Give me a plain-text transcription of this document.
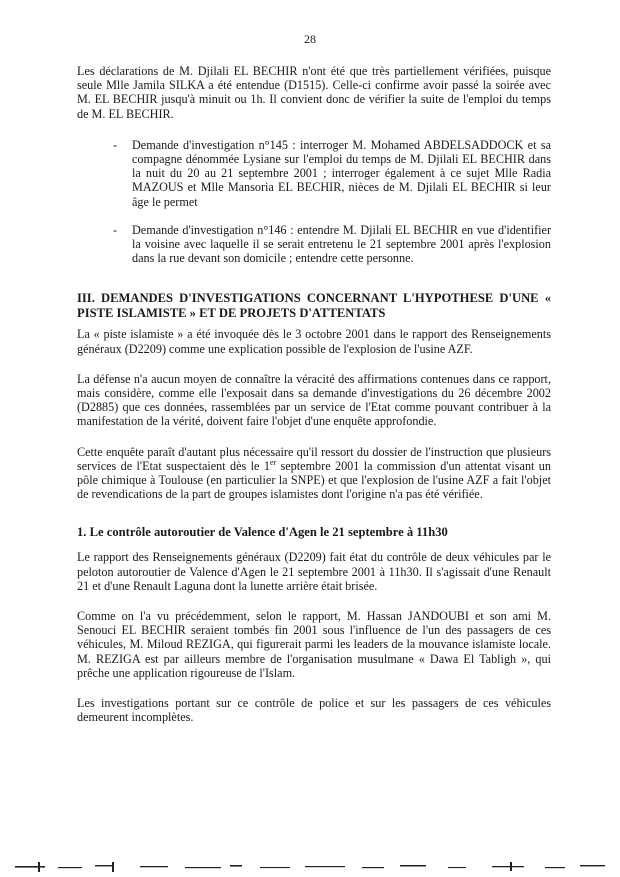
28

Les déclarations de M. Djilali EL BECHIR n'ont été que très partiellement vérifiées, puisque seule Mlle Jamila SILKA a été entendue (D1515). Celle-ci confirme avoir passé la soirée avec M. EL BECHIR jusqu'à minuit ou 1h. Il convient donc de vérifier la suite de l'emploi du temps de M. EL BECHIR.

- Demande d'investigation n°145 : interroger M. Mohamed ABDELSADDOCK et sa compagne dénommée Lysiane sur l'emploi du temps de M. Djilali EL BECHIR dans la nuit du 20 au 21 septembre 2001 ; interroger également à ce sujet Mlle Radia MAZOUS et Mlle Mansoria EL BECHIR, nièces de M. Djilali EL BECHIR si leur âge le permet
- Demande d'investigation n°146 : entendre M. Djilali EL BECHIR en vue d'identifier la voisine avec laquelle il se serait entretenu le 21 septembre 2001 après l'explosion dans la rue devant son domicile ; entendre cette personne.
III. DEMANDES D'INVESTIGATIONS CONCERNANT L'HYPOTHESE D'UNE « PISTE ISLAMISTE » ET DE PROJETS D'ATTENTATS

La « piste islamiste » a été invoquée dès le 3 octobre 2001 dans le rapport des Renseignements généraux (D2209) comme une explication possible de l'explosion de l'usine AZF.

La défense n'a aucun moyen de connaître la véracité des affirmations contenues dans ce rapport, mais considère, comme elle l'exposait dans sa demande d'investigations du 26 décembre 2002 (D2885) que ces données, rassemblées par un service de l'Etat comme pouvant contribuer à la manifestation de la vérité, doivent faire l'objet d'une enquête approfondie.

Cette enquête paraît d'autant plus nécessaire qu'il ressort du dossier de l'instruction que plusieurs services de l'Etat suspectaient dès le 1er septembre 2001 la commission d'un attentat visant un pôle chimique à Toulouse (en particulier la SNPE) et que l'explosion de l'usine AZF a fait l'objet de revendications de la part de groupes islamistes dont l'origine n'a pas été vérifiée.

1. Le contrôle autoroutier de Valence d'Agen le 21 septembre à 11h30

Le rapport des Renseignements généraux (D2209) fait état du contrôle de deux véhicules par le peloton autoroutier de Valence d'Agen le 21 septembre 2001 à 11h30. Il s'agissait d'une Renault 21 et d'une Renault Laguna dont la lunette arrière était brisée.

Comme on l'a vu précédemment, selon le rapport, M. Hassan JANDOUBI et son ami M. Senouci EL BECHIR seraient tombés fin 2001 sous l'influence de l'un des passagers de ces véhicules, M. Miloud REZIGA, qui figurerait parmi les leaders de la mouvance islamiste locale. M. REZIGA est par ailleurs membre de l'organisation musulmane « Dawa El Tabligh », qui prêche une application rigoureuse de l'Islam.

Les investigations portant sur ce contrôle de police et sur les passagers de ces véhicules demeurent incomplètes.
